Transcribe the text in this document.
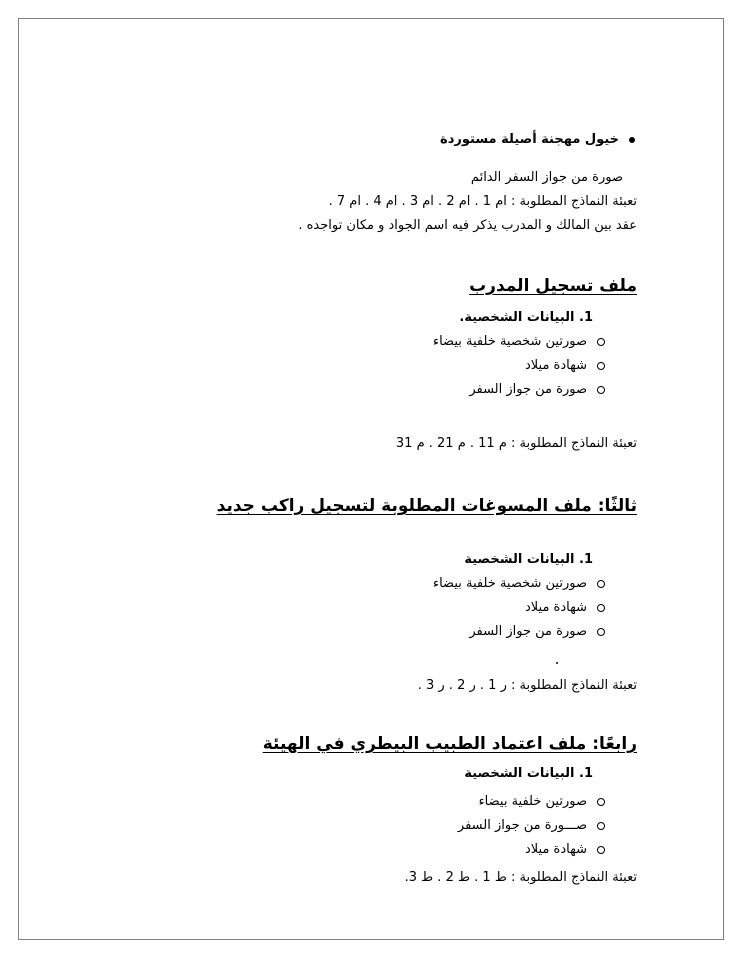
خيول مهجنة أصيلة مستوردة
صورة من جواز السفر الدائم
تعبئة النماذج المطلوبة : ام 1 . ام 2 . ام 3 . ام 4 . ام 7 .
عقد بين المالك و المدرب يذكر فيه اسم الجواد و مكان تواجده .
ملف تسجيل المدرب
1. البيانات الشخصية.
صورتين شخصية خلفية بيضاء
شهادة ميلاد
صورة من جواز السفر
تعبئة النماذج المطلوبة : م 11 . م 21 . م 31
ثالثًا: ملف المسوغات المطلوبة لتسجيل راكب جديد
1. البيانات الشخصية
صورتين شخصية خلفية بيضاء
شهادة ميلاد
صورة من جواز السفر
تعبئة النماذج المطلوبة : ر 1 . ر 2 . ر 3 .
رابعًا: ملف اعتماد الطبيب البيطري في الهيئة
1. البيانات الشخصية
صورتين خلفية بيضاء
صـــورة من جواز السفر
شهادة ميلاد
تعبئة النماذج المطلوبة : ط 1 . ط 2 . ط 3.
